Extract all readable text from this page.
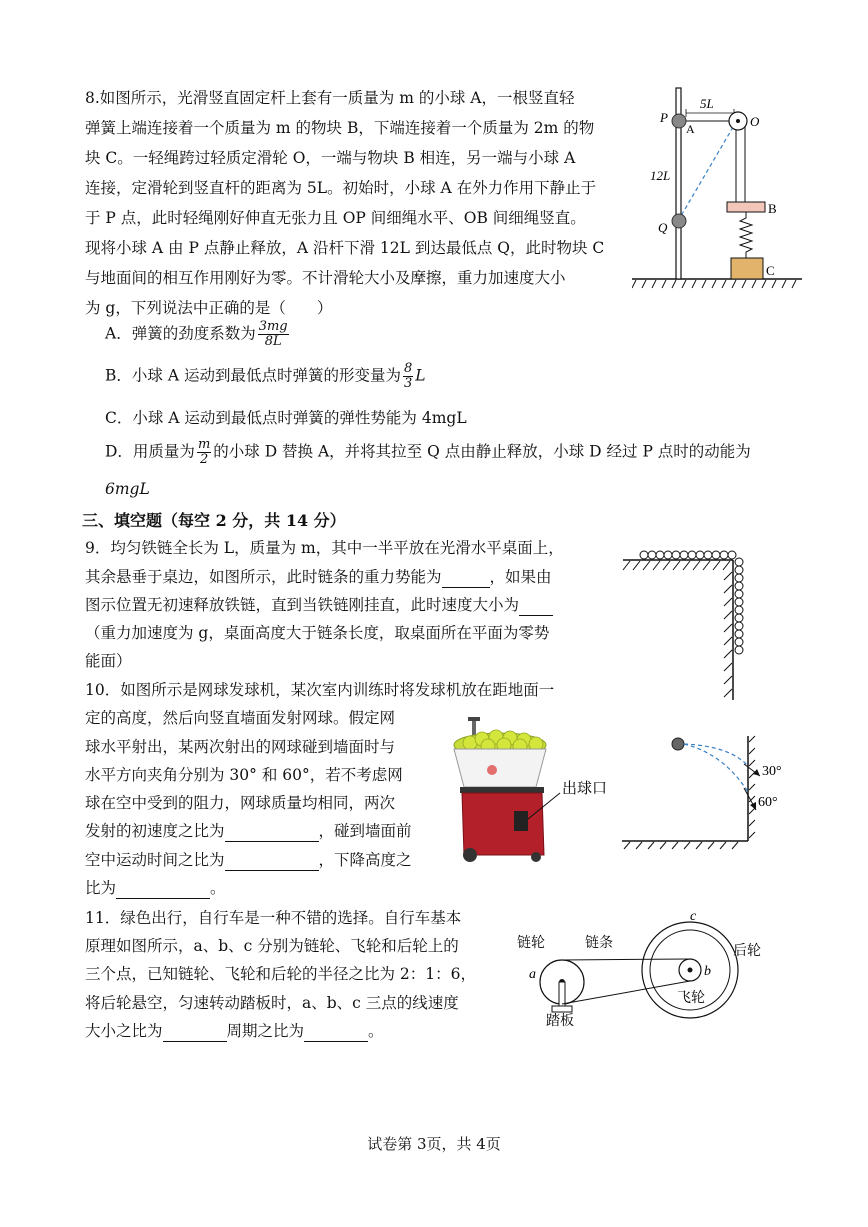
8.如图所示，光滑竖直固定杆上套有一质量为 m 的小球 A，一根竖直轻
弹簧上端连接着一个质量为 m 的物块 B，下端连接着一个质量为 2m 的物
块 C。一轻绳跨过轻质定滑轮 O，一端与物块 B 相连，另一端与小球 A
连接，定滑轮到竖直杆的距离为 5L。初始时，小球 A 在外力作用下静止于
于 P 点，此时轻绳刚好伸直无张力且 OP 间细绳水平、OB 间细绳竖直。
现将小球 A 由 P 点静止释放，A 沿杆下滑 12L 到达最低点 Q，此时物块 C
与地面间的相互作用刚好为零。不计滑轮大小及摩擦，重力加速度大小
为 g，下列说法中正确的是（　　）
A．弹簧的劲度系数为 $\frac{3mg}{8L}$
B．小球 A 运动到最低点时弹簧的形变量为 $\frac{8}{3}$ L
C．小球 A 运动到最低点时弹簧的弹性势能为 4mgL
D．用质量为 $\frac{m}{2}$ 的小球 D 替换 A，并将其拉至 Q 点由静止释放，小球 D 经过 P 点时的动能为
6mgL
5L
P
A	O
12L
Q
B
C
三、填空题（每空 2 分，共 14 分）
9．均匀铁链全长为 L，质量为 m，其中一半平放在光滑水平桌面上，
其余悬垂于桌边，如图所示，此时链条的重力势能为	，如果由
图示位置无初速释放铁链，直到当铁链刚挂直，此时速度大小为
（重力加速度为 g，桌面高度大于链条长度，取桌面所在平面为零势
能面）
10．如图所示是网球发球机，某次室内训练时将发球机放在距地面一
定的高度，然后向竖直墙面发射网球。假定网
球水平射出，某两次射出的网球碰到墙面时与
水平方向夹角分别为 30° 和 60°，若不考虑网
球在空中受到的阻力，网球质量均相同，两次
发射的初速度之比为	，碰到墙面前
空中运动时间之比为	，下降高度之
比为	。
出球口
30°
60°
11．绿色出行，自行车是一种不错的选择。自行车基本
原理如图所示，a、b、c 分别为链轮、飞轮和后轮上的
三个点，已知链轮、飞轮和后轮的半径之比为 2：1：6，
将后轮悬空，匀速转动踏板时，a、b、c 三点的线速度
大小之比为	周期之比为	。
链轮	链条
后轮
飞轮
踏板
a	b
c
试卷第 3页，共 4页
